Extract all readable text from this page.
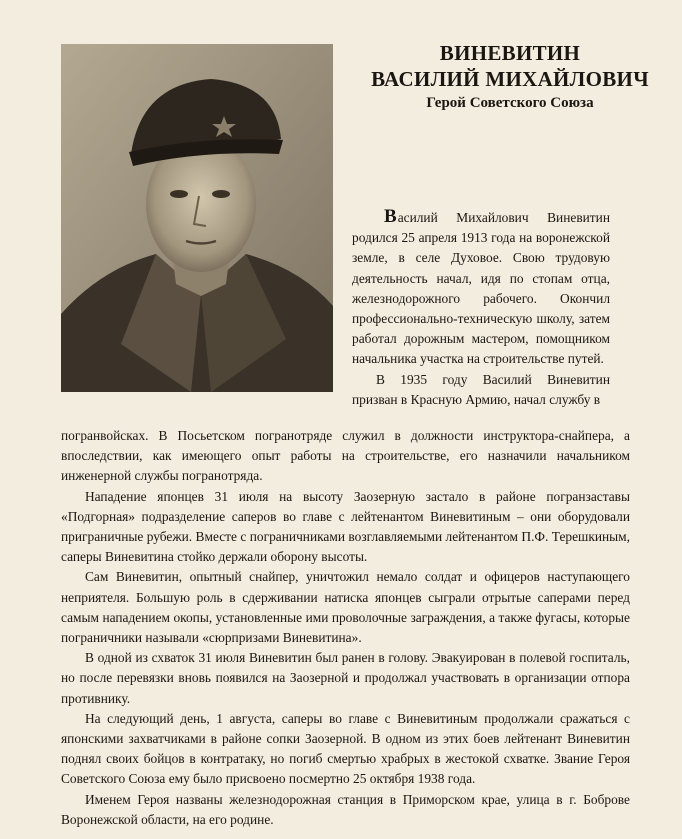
ВИНЕВИТИН
ВАСИЛИЙ МИХАЙЛОВИЧ
Герой Советского Союза

Василий Михайлович Виневитин родился 25 апреля 1913 года на воронежской земле, в селе Духовое. Свою трудовую деятельность начал, идя по стопам отца, железнодорожного рабочего. Окончил профессионально-техническую школу, затем работал дорожным мастером, помощником начальника участка на строительстве путей.

В 1935 году Василий Виневитин призван в Красную Армию, начал службу в

погранвойсках. В Посьетском погранотряде служил в должности инструктора-снайпера, а впоследствии, как имеющего опыт работы на строительстве, его назначили начальником инженерной службы погранотряда.

Нападение японцев 31 июля на высоту Заозерную застало в районе погранзаставы «Подгорная» подразделение саперов во главе с лейтенантом Виневитиным – они оборудовали приграничные рубежи. Вместе с пограничниками возглавляемыми лейтенантом П.Ф. Терешкиным, саперы Виневитина стойко держали оборону высоты.

Сам Виневитин, опытный снайпер, уничтожил немало солдат и офицеров наступающего неприятеля. Большую роль в сдерживании натиска японцев сыграли отрытые саперами перед самым нападением окопы, установленные ими проволочные заграждения, а также фугасы, которые пограничники называли «сюрпризами Виневитина».

В одной из схваток 31 июля Виневитин был ранен в голову. Эвакуирован в полевой госпиталь, но после перевязки вновь появился на Заозерной и продолжал участвовать в организации отпора противнику.

На следующий день, 1 августа, саперы во главе с Виневитиным продолжали сражаться с японскими захватчиками в районе сопки Заозерной. В одном из этих боев лейтенант Виневитин поднял своих бойцов в контратаку, но погиб смертью храбрых в жестокой схватке. Звание Героя Советского Союза ему было присвоено посмертно 25 октября 1938 года.

Именем Героя названы железнодорожная станция в Приморском крае, улица в г. Боброве Воронежской области, на его родине.
